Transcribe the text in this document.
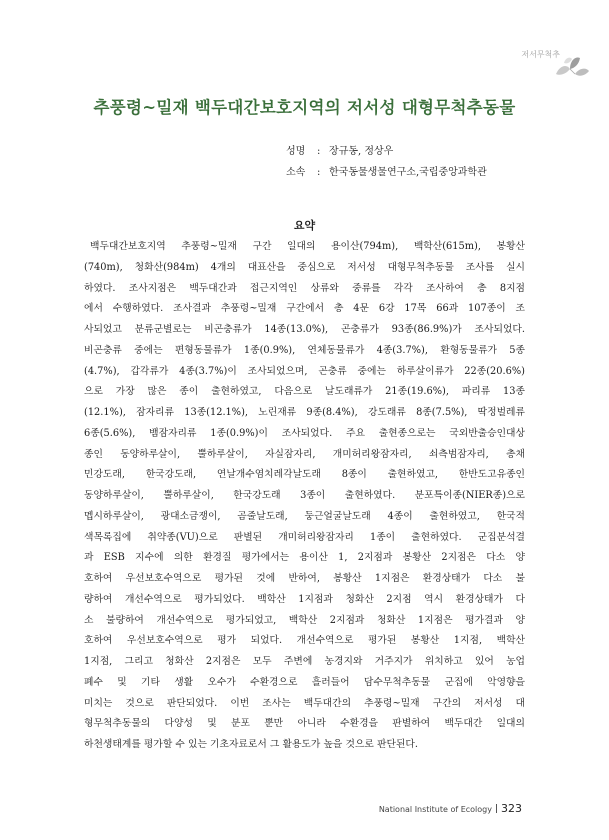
저서무척추
추풍령~밀재 백두대간보호지역의 저서성 대형무척추동물
성명 : 장규동, 정상우
소속 : 한국동물생물연구소,국립중앙과학관
요약
백두대간보호지역 추풍령~밀재 구간 일대의 용이산(794m), 백학산(615m), 봉황산
(740m), 청화산(984m) 4개의 대표산을 중심으로 저서성 대형무척추동물 조사를 실시
하였다. 조사지점은 백두대간과 접근지역인 상류와 중류를 각각 조사하여 총 8지점
에서 수행하였다. 조사결과 추풍령~밀재 구간에서 총 4문 6강 17목 66과 107종이 조
사되었고 분류군별로는 비곤충류가 14종(13.0%), 곤충류가 93종(86.9%)가 조사되었다.
비곤충류 중에는 편형동물류가 1종(0.9%), 연체동물류가 4종(3.7%), 환형동물류가 5종
(4.7%), 갑각류가 4종(3.7%)이 조사되었으며, 곤충류 중에는 하루살이류가 22종(20.6%)
으로 가장 많은 종이 출현하였고, 다음으로 날도래류가 21종(19.6%), 파리류 13종
(12.1%), 잠자리류 13종(12.1%), 노린재류 9종(8.4%), 강도래류 8종(7.5%), 딱정벌레류
6종(5.6%), 뱀잠자리류 1종(0.9%)이 조사되었다. 주요 출현종으로는 국외반출승인대상
종인 동양하루살이, 뿔하루살이, 자실잠자리, 개미허리왕잠자리, 쇠측범잠자리, 총채
민강도래, 한국강도래, 연날개수염치레각날도래 8종이 출현하였고, 한반도고유종인
동양하루살이, 뿔하루살이, 한국강도래 3종이 출현하였다. 분포특이종(NIER종)으로
멥시하루살이, 광대소금쟁이, 곰줄날도래, 둥근얼굴날도래 4종이 출현하였고, 한국적
색목록집에 취약종(VU)으로 판별된 개미허리왕잠자리 1종이 출현하였다. 군집분석결
과 ESB 지수에 의한 환경질 평가에서는 용이산 1, 2지점과 봉황산 2지점은 다소 양
호하여 우선보호수역으로 평가된 것에 반하여, 봉황산 1지점은 환경상태가 다소 불
량하여 개선수역으로 평가되었다. 백학산 1지점과 청화산 2지점 역시 환경상태가 다
소 불량하여 개선수역으로 평가되었고, 백학산 2지점과 청화산 1지점은 평가결과 양
호하여 우선보호수역으로 평가 되었다. 개선수역으로 평가된 봉황산 1지점, 백학산
1지점, 그리고 청화산 2지점은 모두 주변에 농경지와 거주지가 위치하고 있어 농업
폐수 및 기타 생활 오수가 수환경으로 흘러들어 담수무척추동물 군집에 악영향을
미치는 것으로 판단되었다. 이번 조사는 백두대간의 추풍령~밀재 구간의 저서성 대
형무척추동물의 다양성 및 분포 뿐만 아니라 수환경을 판별하여 백두대간 일대의
하천생태계를 평가할 수 있는 기초자료로서 그 활용도가 높을 것으로 판단된다.
National Institute of Ecology 323
